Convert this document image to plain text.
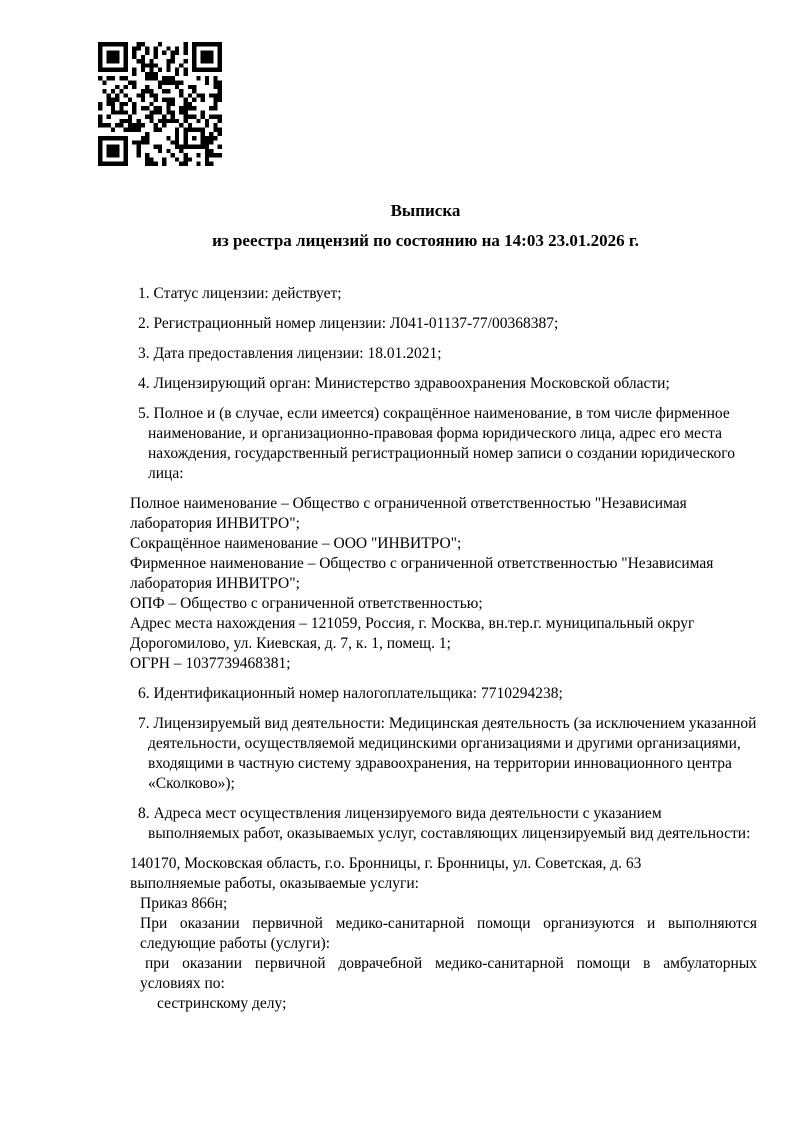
Выписка
из реестра лицензий по состоянию на 14:03 23.01.2026 г.
1. Статус лицензии: действует;
2. Регистрационный номер лицензии: Л041-01137-77/00368387;
3. Дата предоставления лицензии: 18.01.2021;
4. Лицензирующий орган: Министерство здравоохранения Московской области;
5. Полное и (в случае, если имеется) сокращённое наименование, в том числе фирменное наименование, и организационно-правовая форма юридического лица, адрес его места нахождения, государственный регистрационный номер записи о создании юридического лица:
Полное наименование – Общество с ограниченной ответственностью "Независимая лаборатория ИНВИТРО";
Сокращённое наименование – ООО "ИНВИТРО";
Фирменное наименование – Общество с ограниченной ответственностью "Независимая лаборатория ИНВИТРО";
ОПФ – Общество с ограниченной ответственностью;
Адрес места нахождения – 121059, Россия, г. Москва, вн.тер.г. муниципальный округ Дорогомилово, ул. Киевская, д. 7, к. 1, помещ. 1;
ОГРН – 1037739468381;
6. Идентификационный номер налогоплательщика: 7710294238;
7. Лицензируемый вид деятельности: Медицинская деятельность (за исключением указанной деятельности, осуществляемой медицинскими организациями и другими организациями, входящими в частную систему здравоохранения, на территории инновационного центра «Сколково»);
8. Адреса мест осуществления лицензируемого вида деятельности с указанием выполняемых работ, оказываемых услуг, составляющих лицензируемый вид деятельности:
140170, Московская область, г.о. Бронницы, г. Бронницы, ул. Советская, д. 63
выполняемые работы, оказываемые услуги:
Приказ 866н;
При оказании первичной медико-санитарной помощи организуются и выполняются следующие работы (услуги):
при оказании первичной доврачебной медико-санитарной помощи в амбулаторных условиях по:
сестринскому делу;
